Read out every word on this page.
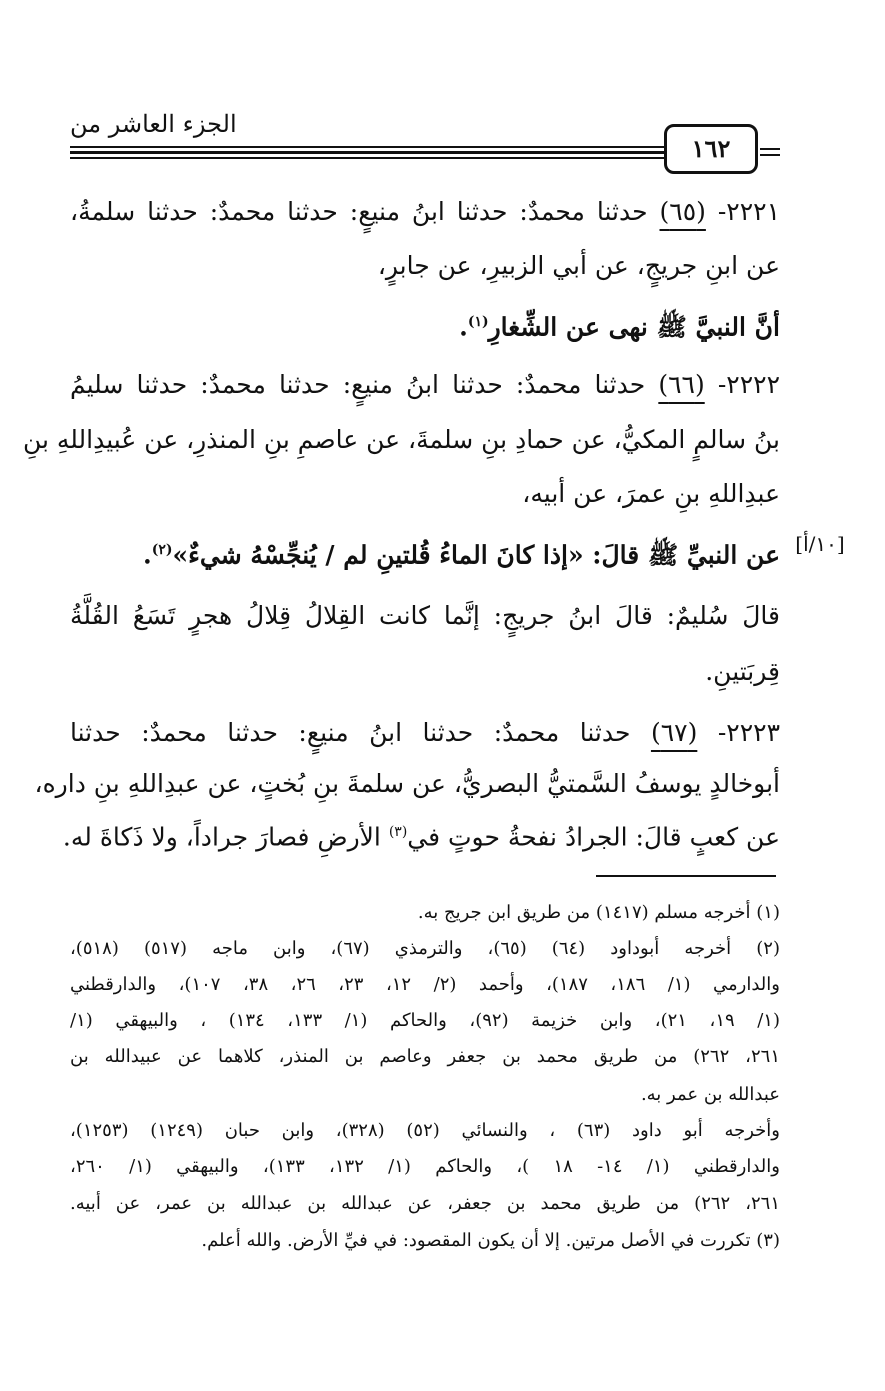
الجزء العاشر من
١٦٢
٢٢٢١- (٦٥) حدثنا محمدٌ: حدثنا ابنُ منيعٍ: حدثنا محمدٌ: حدثنا سلمةُ،
عن ابنِ جريجٍ، عن أبي الزبيرِ، عن جابرٍ،
أنَّ النبيَّ ﷺ نهى عن الشِّغارِ$^{(١)}$.
٢٢٢٢- (٦٦) حدثنا محمدٌ: حدثنا ابنُ منيعٍ: حدثنا محمدٌ: حدثنا سليمُ
بنُ سالمٍ المكيُّ، عن حمادِ بنِ سلمةَ، عن عاصمِ بنِ المنذرِ، عن عُبيدِاللهِ بنِ
عبدِاللهِ بنِ عمرَ، عن أبيه،
عن النبيِّ ﷺ قالَ: «إذا كانَ الماءُ قُلتينِ لم / يُنجِّسْهُ شيءٌ»$^{(٢)}$.	[١٠/أ]
قالَ سُليمٌ: قالَ ابنُ جريجٍ: إنَّما كانت القِلالُ قِلالُ هجرٍ تَسَعُ القُلَّةُ
قِربَتينِ.
٢٢٢٣- (٦٧) حدثنا محمدٌ: حدثنا ابنُ منيعٍ: حدثنا محمدٌ: حدثنا
أبوخالدٍ يوسفُ السَّمتيُّ البصريُّ، عن سلمةَ بنِ بُختٍ، عن عبدِاللهِ بنِ داره،
عن كعبٍ قالَ: الجرادُ نفحةُ حوتٍ في$^{(٣)}$ الأرضِ فصارَ جراداً، ولا ذَكاةَ له.
(١) أخرجه مسلم (١٤١٧) من طريق ابن جريج به.
(٢) أخرجه أبوداود (٦٤) (٦٥)، والترمذي (٦٧)، وابن ماجه (٥١٧) (٥١٨)،
والدارمي (١/ ١٨٦، ١٨٧)، وأحمد (٢/ ١٢، ٢٣، ٢٦، ٣٨، ١٠٧)، والدارقطني
(١/ ١٩، ٢١)، وابن خزيمة (٩٢)، والحاكم (١/ ١٣٣، ١٣٤) ، والبيهقي (١/
٢٦١، ٢٦٢) من طريق محمد بن جعفر وعاصم بن المنذر، كلاهما عن عبيدالله بن
عبدالله بن عمر به.
وأخرجه أبو داود (٦٣) ، والنسائي (٥٢) (٣٢٨)، وابن حبان (١٢٤٩) (١٢٥٣)،
والدارقطني (١/ ١٤- ١٨ )، والحاكم (١/ ١٣٢، ١٣٣)، والبيهقي (١/ ٢٦٠،
٢٦١، ٢٦٢) من طريق محمد بن جعفر، عن عبدالله بن عبدالله بن عمر، عن أبيه.
(٣) تكررت في الأصل مرتين. إلا أن يكون المقصود: في فيِّ الأرض. والله أعلم.
